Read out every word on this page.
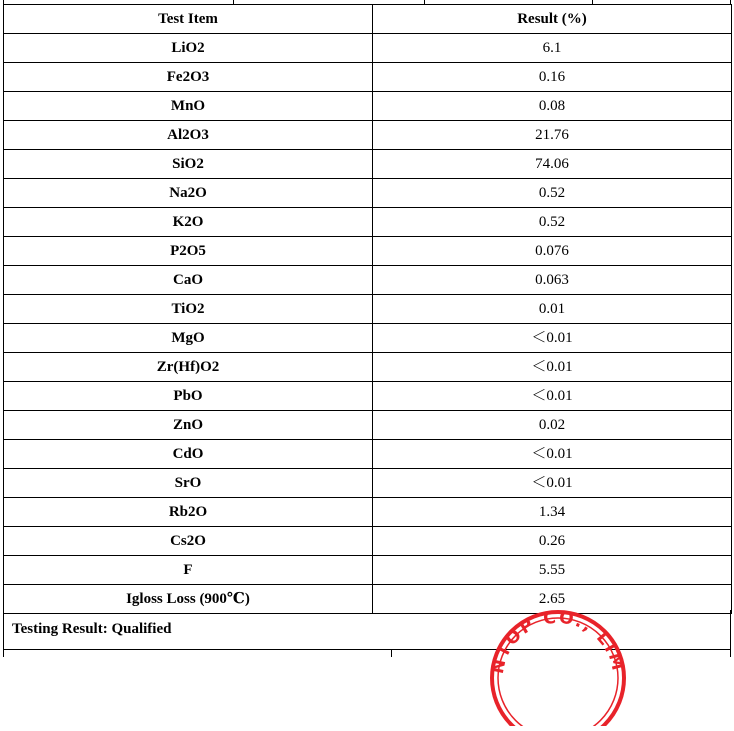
Test Item	Result (%)
LiO2	6.1
Fe2O3	0.16
MnO	0.08
Al2O3	21.76
SiO2	74.06
Na2O	0.52
K2O	0.52
P2O5	0.076
CaO	0.063
TiO2	0.01
MgO	＜0.01
Zr(Hf)O2	＜0.01
PbO	＜0.01
ZnO	0.02
CdO	＜0.01
SrO	＜0.01
Rb2O	1.34
Cs2O	0.26
F	5.55
Igloss Loss (900℃)	2.65
Testing Result: Qualified
NTOP CO., LIM
